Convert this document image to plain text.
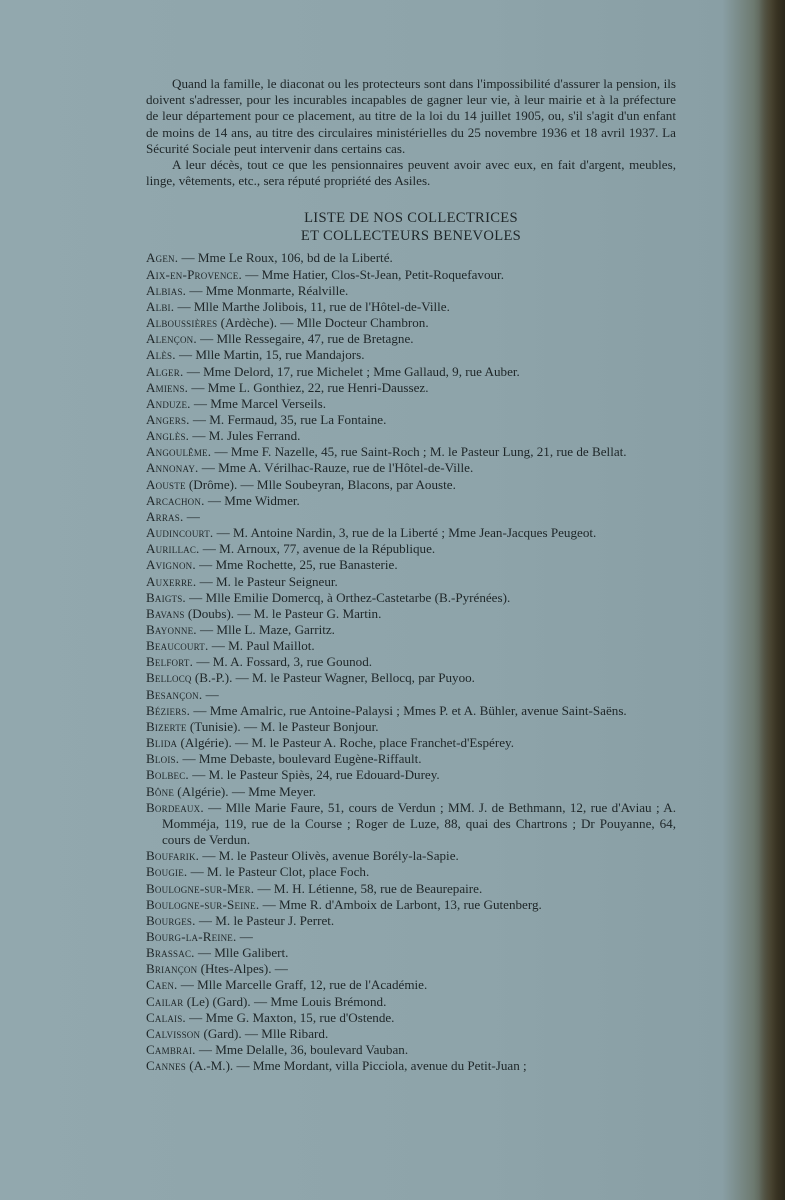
Quand la famille, le diaconat ou les protecteurs sont dans l'impossibilité d'assurer la pension, ils doivent s'adresser, pour les incurables incapables de gagner leur vie, à leur mairie et à la préfecture de leur département pour ce placement, au titre de la loi du 14 juillet 1905, ou, s'il s'agit d'un enfant de moins de 14 ans, au titre des circulaires ministérielles du 25 novembre 1936 et 18 avril 1937. La Sécurité Sociale peut intervenir dans certains cas.

A leur décès, tout ce que les pensionnaires peuvent avoir avec eux, en fait d'argent, meubles, linge, vêtements, etc., sera réputé propriété des Asiles.

LISTE DE NOS COLLECTRICES
ET COLLECTEURS BENEVOLES
Agen. — Mme Le Roux, 106, bd de la Liberté.
Aix-en-Provence. — Mme Hatier, Clos-St-Jean, Petit-Roquefavour.
Albias. — Mme Monmarte, Réalville.
Albi. — Mlle Marthe Jolibois, 11, rue de l'Hôtel-de-Ville.
Alboussières (Ardèche). — Mlle Docteur Chambron.
Alençon. — Mlle Ressegaire, 47, rue de Bretagne.
Alès. — Mlle Martin, 15, rue Mandajors.
Alger. — Mme Delord, 17, rue Michelet ; Mme Gallaud, 9, rue Auber.
Amiens. — Mme L. Gonthiez, 22, rue Henri-Daussez.
Anduze. — Mme Marcel Verseils.
Angers. — M. Fermaud, 35, rue La Fontaine.
Anglès. — M. Jules Ferrand.
Angoulême. — Mme F. Nazelle, 45, rue Saint-Roch ; M. le Pasteur Lung, 21, rue de Bellat.
Annonay. — Mme A. Vérilhac-Rauze, rue de l'Hôtel-de-Ville.
Aouste (Drôme). — Mlle Soubeyran, Blacons, par Aouste.
Arcachon. — Mme Widmer.
Arras. —
Audincourt. — M. Antoine Nardin, 3, rue de la Liberté ; Mme Jean-Jacques Peugeot.
Aurillac. — M. Arnoux, 77, avenue de la République.
Avignon. — Mme Rochette, 25, rue Banasterie.
Auxerre. — M. le Pasteur Seigneur.
Baigts. — Mlle Emilie Domercq, à Orthez-Castetarbe (B.-Pyrénées).
Bavans (Doubs). — M. le Pasteur G. Martin.
Bayonne. — Mlle L. Maze, Garritz.
Beaucourt. — M. Paul Maillot.
Belfort. — M. A. Fossard, 3, rue Gounod.
Bellocq (B.-P.). — M. le Pasteur Wagner, Bellocq, par Puyoo.
Besançon. —
Béziers. — Mme Amalric, rue Antoine-Palaysi ; Mmes P. et A. Bühler, avenue Saint-Saëns.
Bizerte (Tunisie). — M. le Pasteur Bonjour.
Blida (Algérie). — M. le Pasteur A. Roche, place Franchet-d'Espérey.
Blois. — Mme Debaste, boulevard Eugène-Riffault.
Bolbec. — M. le Pasteur Spiès, 24, rue Edouard-Durey.
Bône (Algérie). — Mme Meyer.
Bordeaux. — Mlle Marie Faure, 51, cours de Verdun ; MM. J. de Bethmann, 12, rue d'Aviau ; A. Momméja, 119, rue de la Course ; Roger de Luze, 88, quai des Chartrons ; Dr Pouyanne, 64, cours de Verdun.
Boufarik. — M. le Pasteur Olivès, avenue Borély-la-Sapie.
Bougie. — M. le Pasteur Clot, place Foch.
Boulogne-sur-Mer. — M. H. Létienne, 58, rue de Beaurepaire.
Boulogne-sur-Seine. — Mme R. d'Amboix de Larbont, 13, rue Gutenberg.
Bourges. — M. le Pasteur J. Perret.
Bourg-la-Reine. —
Brassac. — Mlle Galibert.
Briançon (Htes-Alpes). —
Caen. — Mlle Marcelle Graff, 12, rue de l'Académie.
Cailar (Le) (Gard). — Mme Louis Brémond.
Calais. — Mme G. Maxton, 15, rue d'Ostende.
Calvisson (Gard). — Mlle Ribard.
Cambrai. — Mme Delalle, 36, boulevard Vauban.
Cannes (A.-M.). — Mme Mordant, villa Picciola, avenue du Petit-Juan ;
